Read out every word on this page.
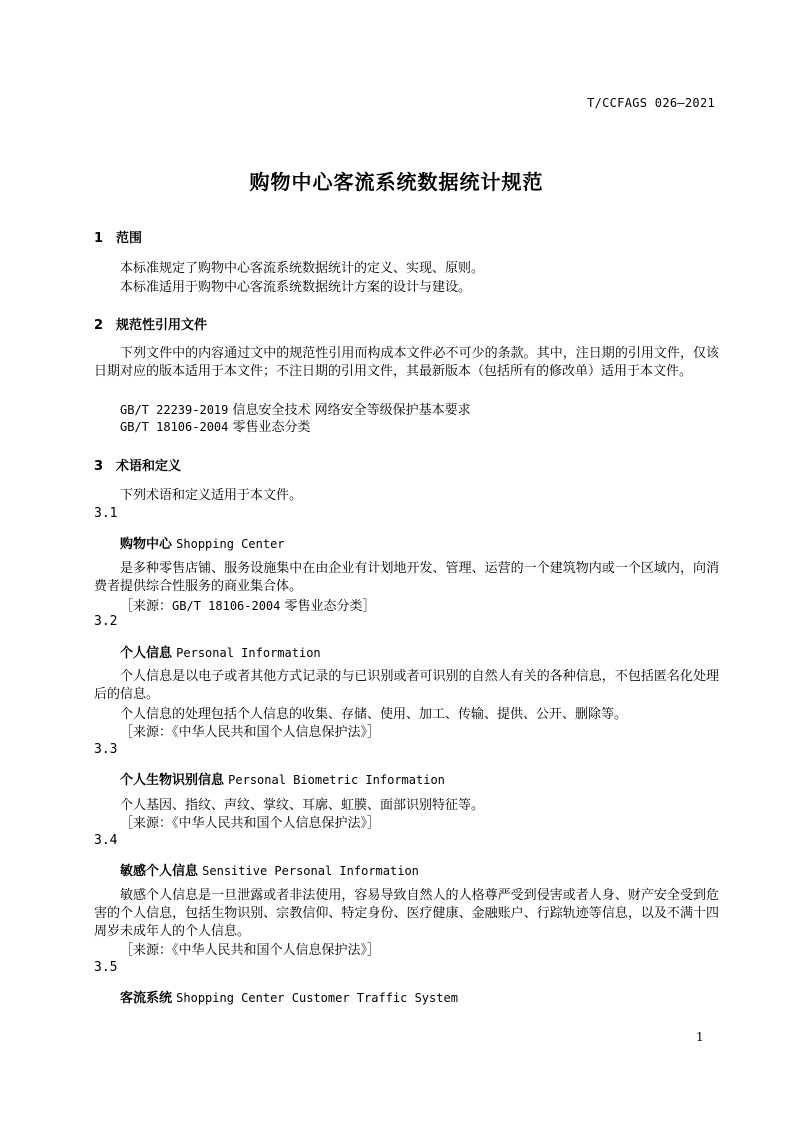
T/CCFAGS 026—2021
购物中心客流系统数据统计规范
1 范围
本标准规定了购物中心客流系统数据统计的定义、实现、原则。
本标准适用于购物中心客流系统数据统计方案的设计与建设。
2 规范性引用文件
下列文件中的内容通过文中的规范性引用而构成本文件必不可少的条款。其中，注日期的引用文件，仅该日期对应的版本适用于本文件；不注日期的引用文件，其最新版本（包括所有的修改单）适用于本文件。
GB/T 22239-2019 信息安全技术 网络安全等级保护基本要求
GB/T 18106-2004 零售业态分类
3 术语和定义
下列术语和定义适用于本文件。
3.1
购物中心 Shopping Center
是多种零售店铺、服务设施集中在由企业有计划地开发、管理、运营的一个建筑物内或一个区域内，向消费者提供综合性服务的商业集合体。
［来源：GB/T 18106-2004 零售业态分类］
3.2
个人信息 Personal Information
个人信息是以电子或者其他方式记录的与已识别或者可识别的自然人有关的各种信息，不包括匿名化处理后的信息。
个人信息的处理包括个人信息的收集、存储、使用、加工、传输、提供、公开、删除等。
［来源：《中华人民共和国个人信息保护法》］
3.3
个人生物识别信息 Personal Biometric Information
个人基因、指纹、声纹、掌纹、耳廓、虹膜、面部识别特征等。
［来源：《中华人民共和国个人信息保护法》］
3.4
敏感个人信息 Sensitive Personal Information
敏感个人信息是一旦泄露或者非法使用，容易导致自然人的人格尊严受到侵害或者人身、财产安全受到危害的个人信息，包括生物识别、宗教信仰、特定身份、医疗健康、金融账户、行踪轨迹等信息，以及不满十四周岁未成年人的个人信息。
［来源：《中华人民共和国个人信息保护法》］
3.5
客流系统 Shopping Center Customer Traffic System
1
